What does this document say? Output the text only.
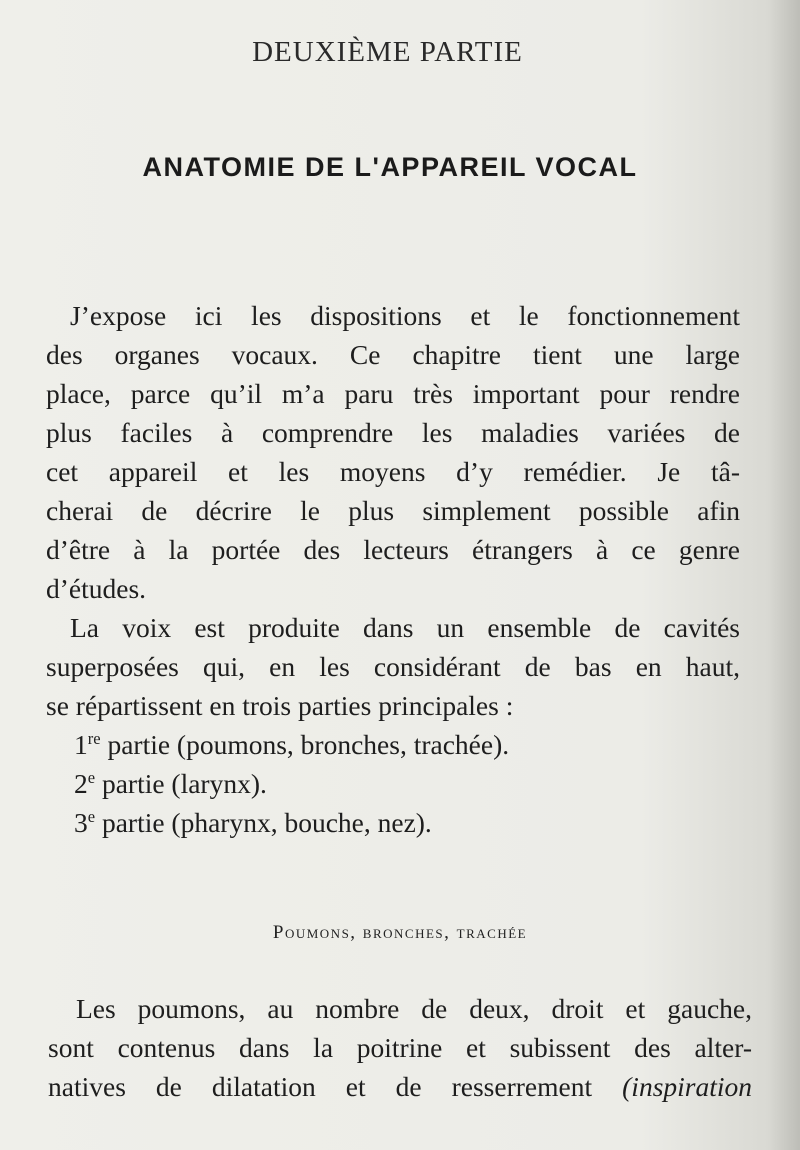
DEUXIÈME PARTIE
ANATOMIE DE L'APPAREIL VOCAL
J’expose ici les dispositions et le fonctionnement
des organes vocaux. Ce chapitre tient une large
place, parce qu’il m’a paru très important pour rendre
plus faciles à comprendre les maladies variées de
cet appareil et les moyens d’y remédier. Je tâ-
cherai de décrire le plus simplement possible afin
d’être à la portée des lecteurs étrangers à ce genre
d’études.
La voix est produite dans un ensemble de cavités
superposées qui, en les considérant de bas en haut,
se répartissent en trois parties principales :
1re partie (poumons, bronches, trachée).
2e partie (larynx).
3e partie (pharynx, bouche, nez).
Poumons, bronches, trachée
Les poumons, au nombre de deux, droit et gauche,
sont contenus dans la poitrine et subissent des alter-
natives de dilatation et de resserrement (inspiration
